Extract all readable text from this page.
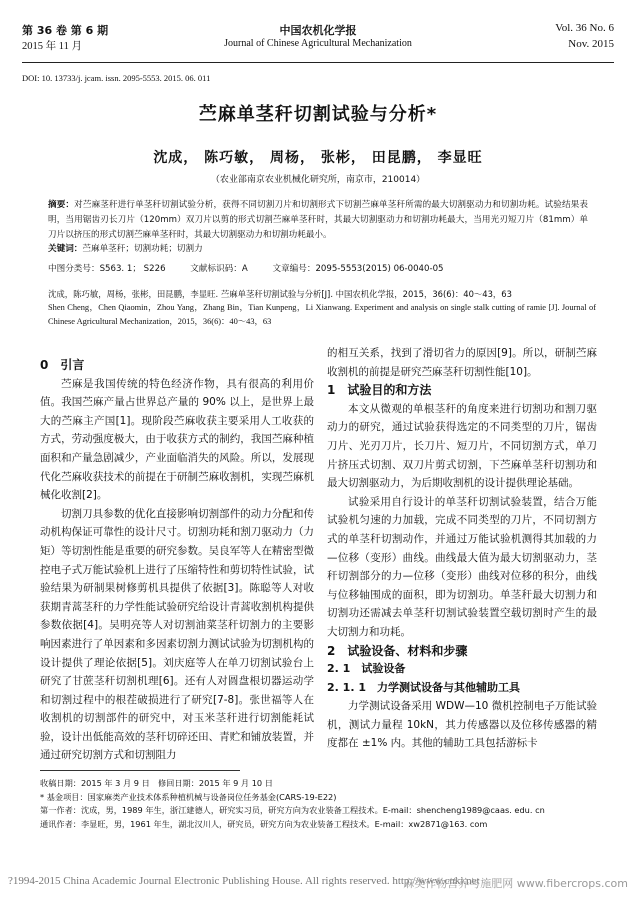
第 36 卷 第 6 期
2015 年 11 月
中国农机化学报
Journal of Chinese Agricultural Mechanization
Vol. 36 No. 6
Nov. 2015
DOI: 10. 13733/j. jcam. issn. 2095-5553. 2015. 06. 011
苎麻单茎秆切割试验与分析*
沈成， 陈巧敏， 周杨， 张彬， 田昆鹏， 李显旺
（农业部南京农业机械化研究所，南京市，210014）

摘要：对苎麻茎秆进行单茎秆切割试验分析，获得不同切割刀片和切割形式下切割苎麻单茎秆所需的最大切割驱动力和切割功耗。试验结果表明，当用锯齿刃长刀片（120mm）双刀片以剪的形式切割苎麻单茎秆时，其最大切割驱动力和切割功耗最大，当用光刃短刀片（81mm）单刀片以挤压的形式切割苎麻单茎秆时，其最大切割驱动力和切割功耗最小。

关键词：苎麻单茎秆；切割功耗；切割力

中图分类号：S563. 1； S226	文献标识码：A	文章编号：2095-5553(2015) 06-0040-05

沈成，陈巧敏，周杨，张彬，田昆鹏，李显旺. 苎麻单茎秆切割试验与分析[J]. 中国农机化学报，2015，36(6)：40～43，63

Shen Cheng，Chen Qiaomin，Zhou Yang，Zhang Bin，Tian Kunpeng，Li Xianwang. Experiment and analysis on single stalk cutting of ramie [J]. Journal of Chinese Agricultural Mechanization，2015，36(6)：40～43，63

0　引言

苎麻是我国传统的特色经济作物，具有很高的利用价值。我国苎麻产量占世界总产量的 90% 以上，是世界上最大的苎麻主产国[1]。现阶段苎麻收获主要采用人工收获的方式，劳动强度极大，由于收获方式的制约，我国苎麻种植面积和产量急剧减少，产业面临消失的风险。所以，发展现代化苎麻收获技术的前提在于研制苎麻收割机，实现苎麻机械化收割[2]。

切割刀具参数的优化直接影响切割部件的动力分配和传动机构保证可靠性的设计尺寸。切割功耗和割刀驱动力（力矩）等切割性能是重要的研究参数。吴良军等人在精密型微控电子式万能试验机上进行了压缩特性和剪切特性试验，试验结果为研制果树修剪机具提供了依据[3]。陈聪等人对收获期青蒿茎秆的力学性能试验研究给设计青蒿收割机构提供参数依据[4]。吴明亮等人对切割油菜茎秆切割力的主要影响因素进行了单因素和多因素切割力测试试验为切割机构的设计提供了理论依据[5]。刘庆庭等人在单刀切割试验台上研究了甘蔗茎秆切割机理[6]。还有人对圆盘根切器运动学和切割过程中的根茬破损进行了研究[7-8]。张世福等人在收割机的切割部件的研究中，对玉米茎秆进行切割能耗试验，设计出低能高效的茎秆切碎还田、青贮和铺放装置，并通过研究切割方式和切割阻力

的相互关系，找到了滑切省力的原因[9]。所以，研制苎麻收割机的前提是研究苎麻茎秆切割性能[10]。

1　试验目的和方法

本文从微观的单根茎秆的角度来进行切割功和割刀驱动力的研究，通过试验获得选定的不同类型的刀片，锯齿刀片、光刃刀片，长刀片、短刀片，不同切割方式，单刀片挤压式切割、双刀片剪式切割，下苎麻单茎秆切割功和最大切割驱动力，为后期收割机的设计提供理论基础。

试验采用自行设计的单茎秆切割试验装置，结合万能试验机匀速的力加载，完成不同类型的刀片，不同切割方式的单茎秆切割动作，并通过万能试验机测得其加载的力—位移（变形）曲线。曲线最大值为最大切割驱动力，茎秆切割部分的力—位移（变形）曲线对位移的积分，曲线与位移轴围成的面积，即为切割功。单茎秆最大切割力和切割功还需减去单茎秆切割试验装置空载切割时产生的最大切割力和功耗。

2　试验设备、材料和步骤

2. 1　试验设备

2. 1. 1　力学测试设备与其他辅助工具

力学测试设备采用 WDW—10 微机控制电子万能试验机，测试力量程 10kN，其力传感器以及位移传感器的精度都在 ±1% 内。其他的辅助工具包括游标卡

收稿日期：2015 年 3 月 9 日　修回日期：2015 年 9 月 10 日

* 基金项目：国家麻类产业技术体系种植机械与设备岗位任务基金(CARS-19-E22)

第一作者：沈成，男，1989 年生，浙江建德人，研究实习员，研究方向为农业装备工程技术。E-mail：shencheng1989@caas. edu. cn

通讯作者：李显旺，男，1961 年生，湖北汉川人，研究员，研究方向为农业装备工程技术。E-mail：xw2871@163. com

?1994-2015 China Academic Journal Electronic Publishing House. All rights reserved. http://www.cnki.net
麻类作物营养与施肥网 www.fibercrops.com
